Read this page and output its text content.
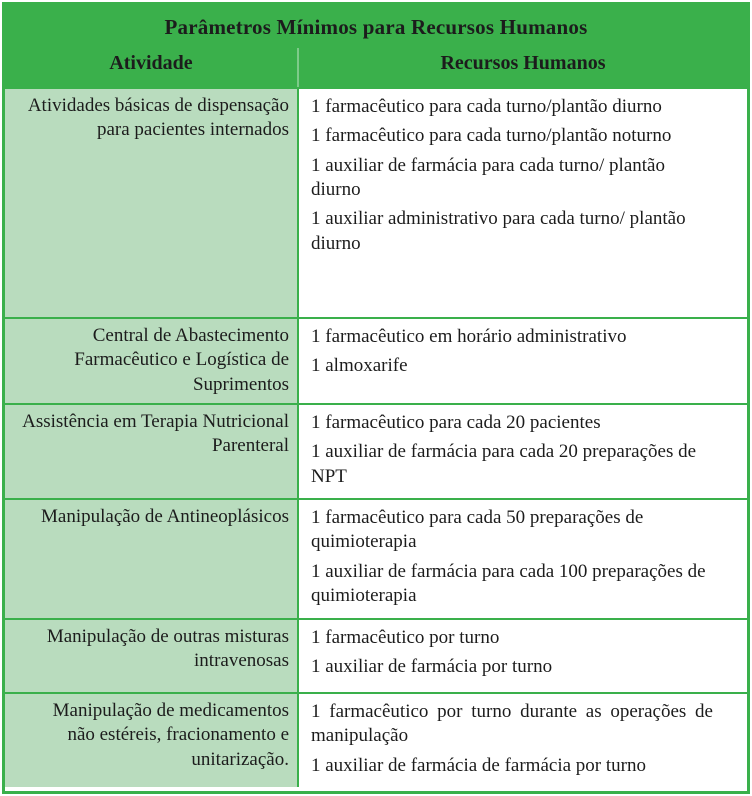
Parâmetros Mínimos para Recursos Humanos
Atividade	Recursos Humanos
Atividades básicas de dispensação para pacientes internados

1 farmacêutico para cada turno/plantão diurno

1 farmacêutico para cada turno/plantão noturno

1 auxiliar de farmácia para cada turno/ plantão diurno

1 auxiliar administrativo para cada turno/ plantão diurno

Central de Abastecimento Farmacêutico e Logística de Suprimentos

1 farmacêutico em horário administrativo

1 almoxarife

Assistência em Terapia Nutricional Parenteral

1 farmacêutico para cada 20 pacientes

1 auxiliar de farmácia para cada 20 preparações de NPT

Manipulação de Antineoplásicos	1 farmacêutico para cada 50 preparações de quimioterapia

1 auxiliar de farmácia para cada 100 preparações de quimioterapia

Manipulação de outras misturas intravenosas

1 farmacêutico por turno

1 auxiliar de farmácia por turno

Manipulação de medicamentos não estéreis, fracionamento e unitarização.

1 farmacêutico por turno durante as operações de manipulação

1 auxiliar de farmácia de farmácia por turno
